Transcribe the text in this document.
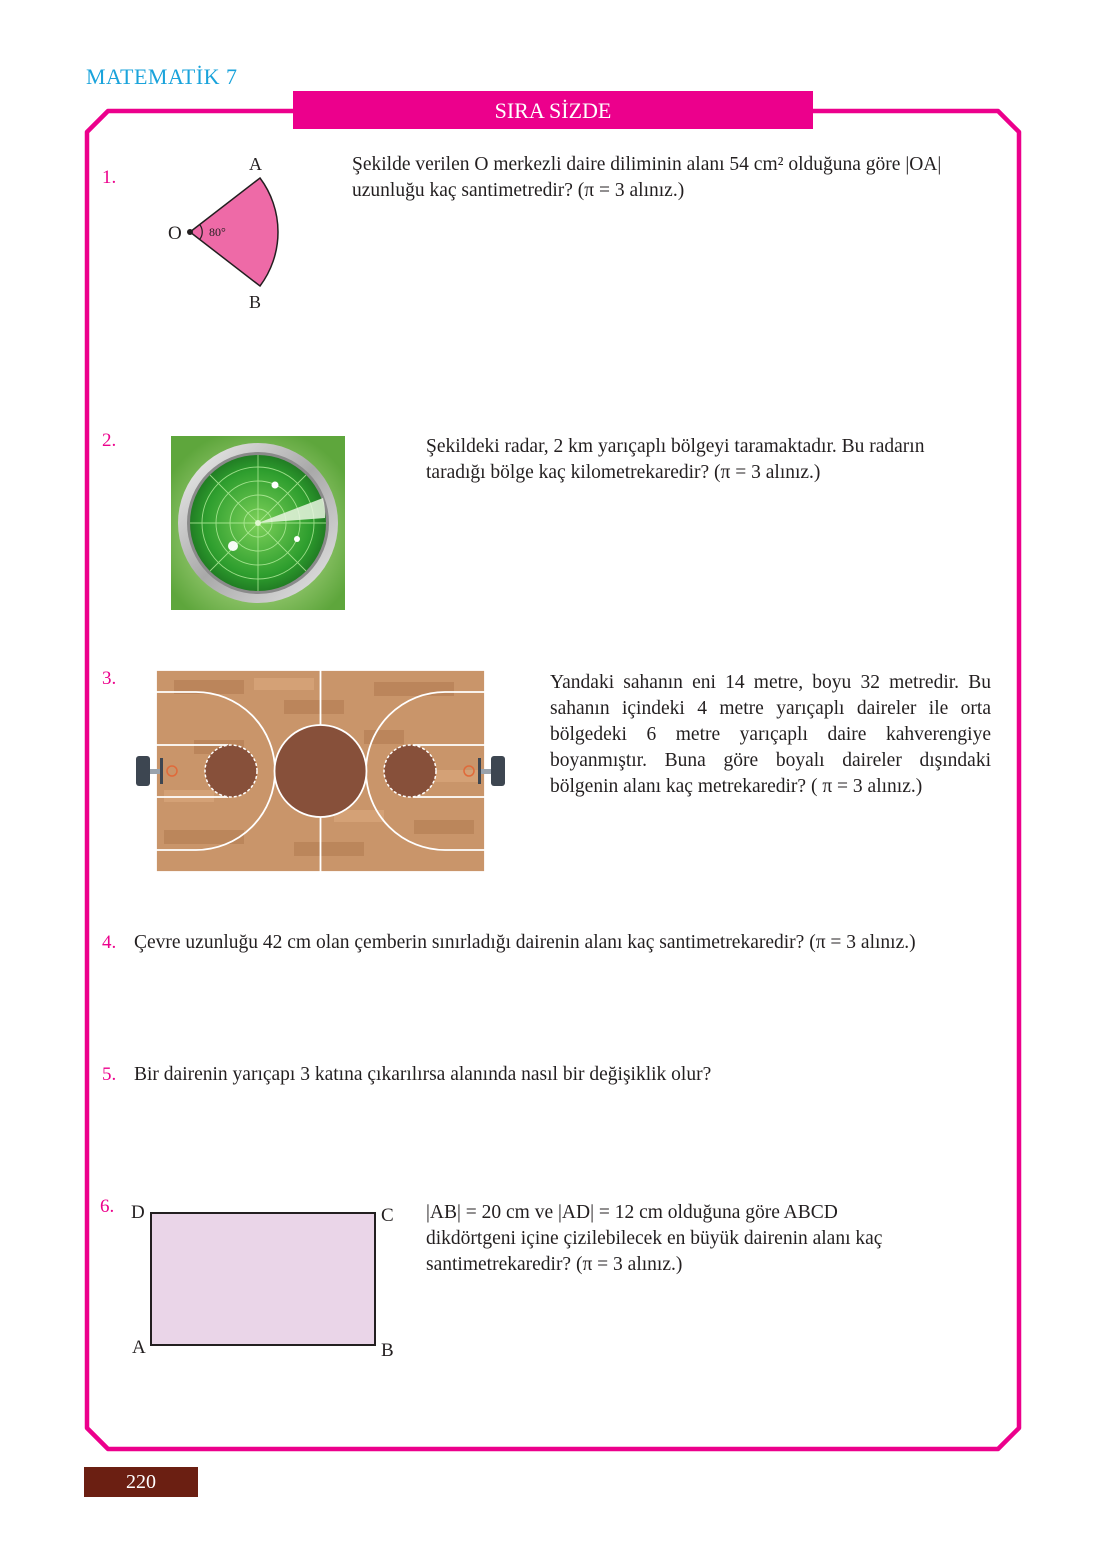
MATEMATİK 7
SIRA SİZDE
1.
A
B
O 80°
Şekilde verilen O merkezli daire diliminin alanı 54 cm² olduğuna göre |OA| uzunluğu kaç santimetredir? (π = 3 alınız.)
2.	Şekildeki radar, 2 km yarıçaplı bölgeyi taramaktadır. Bu radarın taradığı bölge kaç kilometrekaredir? (π = 3 alınız.)
3.	Yandaki sahanın eni 14 metre, boyu 32 metredir. Bu sahanın içindeki 4 metre yarıçaplı daireler ile orta bölgedeki 6 metre yarıçaplı daire kahverengiye boyanmıştır. Buna göre boyalı daireler dışındaki bölgenin alanı kaç metrekaredir? ( π = 3 alınız.)
4. Çevre uzunluğu 42 cm olan çemberin sınırladığı dairenin alanı kaç santimetrekaredir? (π = 3 alınız.)
5. Bir dairenin yarıçapı 3 katına çıkarılırsa alanında nasıl bir değişiklik olur?
6. D	C
A	B
|AB| = 20 cm ve |AD| = 12 cm olduğuna göre ABCD dikdörtgeni içine çizilebilecek en büyük dairenin alanı kaç santimetrekaredir? (π = 3 alınız.)
220
